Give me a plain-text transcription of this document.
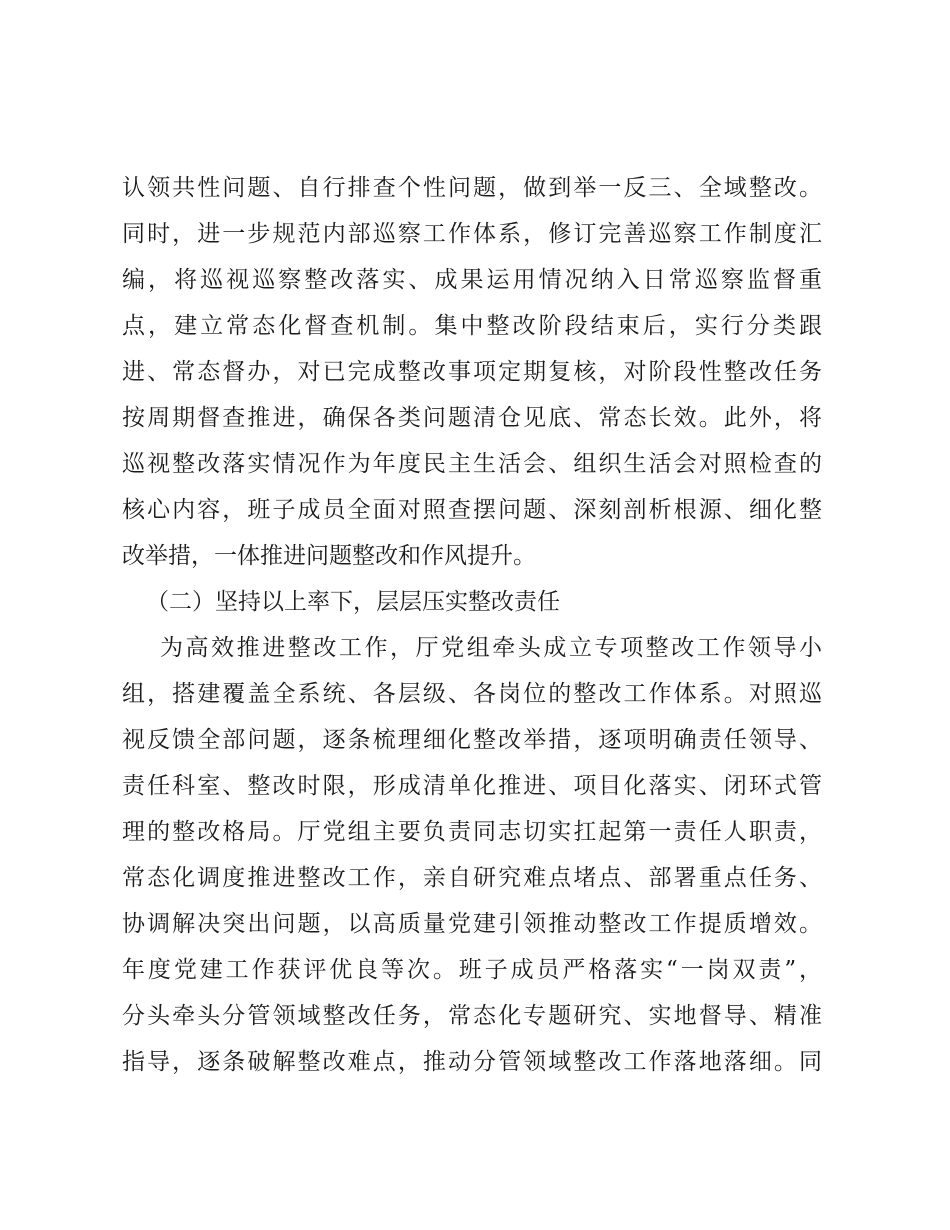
认领共性问题、自行排查个性问题，做到举一反三、全域整改。
同时，进一步规范内部巡察工作体系，修订完善巡察工作制度汇
编，将巡视巡察整改落实、成果运用情况纳入日常巡察监督重
点，建立常态化督查机制。集中整改阶段结束后，实行分类跟
进、常态督办，对已完成整改事项定期复核，对阶段性整改任务
按周期督查推进，确保各类问题清仓见底、常态长效。此外，将
巡视整改落实情况作为年度民主生活会、组织生活会对照检查的
核心内容，班子成员全面对照查摆问题、深刻剖析根源、细化整
改举措，一体推进问题整改和作风提升。
（二）坚持以上率下，层层压实整改责任
为高效推进整改工作，厅党组牵头成立专项整改工作领导小
组，搭建覆盖全系统、各层级、各岗位的整改工作体系。对照巡
视反馈全部问题，逐条梳理细化整改举措，逐项明确责任领导、
责任科室、整改时限，形成清单化推进、项目化落实、闭环式管
理的整改格局。厅党组主要负责同志切实扛起第一责任人职责，
常态化调度推进整改工作，亲自研究难点堵点、部署重点任务、
协调解决突出问题，以高质量党建引领推动整改工作提质增效。
年度党建工作获评优良等次。班子成员严格落实“一岗双责”，
分头牵头分管领域整改任务，常态化专题研究、实地督导、精准
指导，逐条破解整改难点，推动分管领域整改工作落地落细。同
